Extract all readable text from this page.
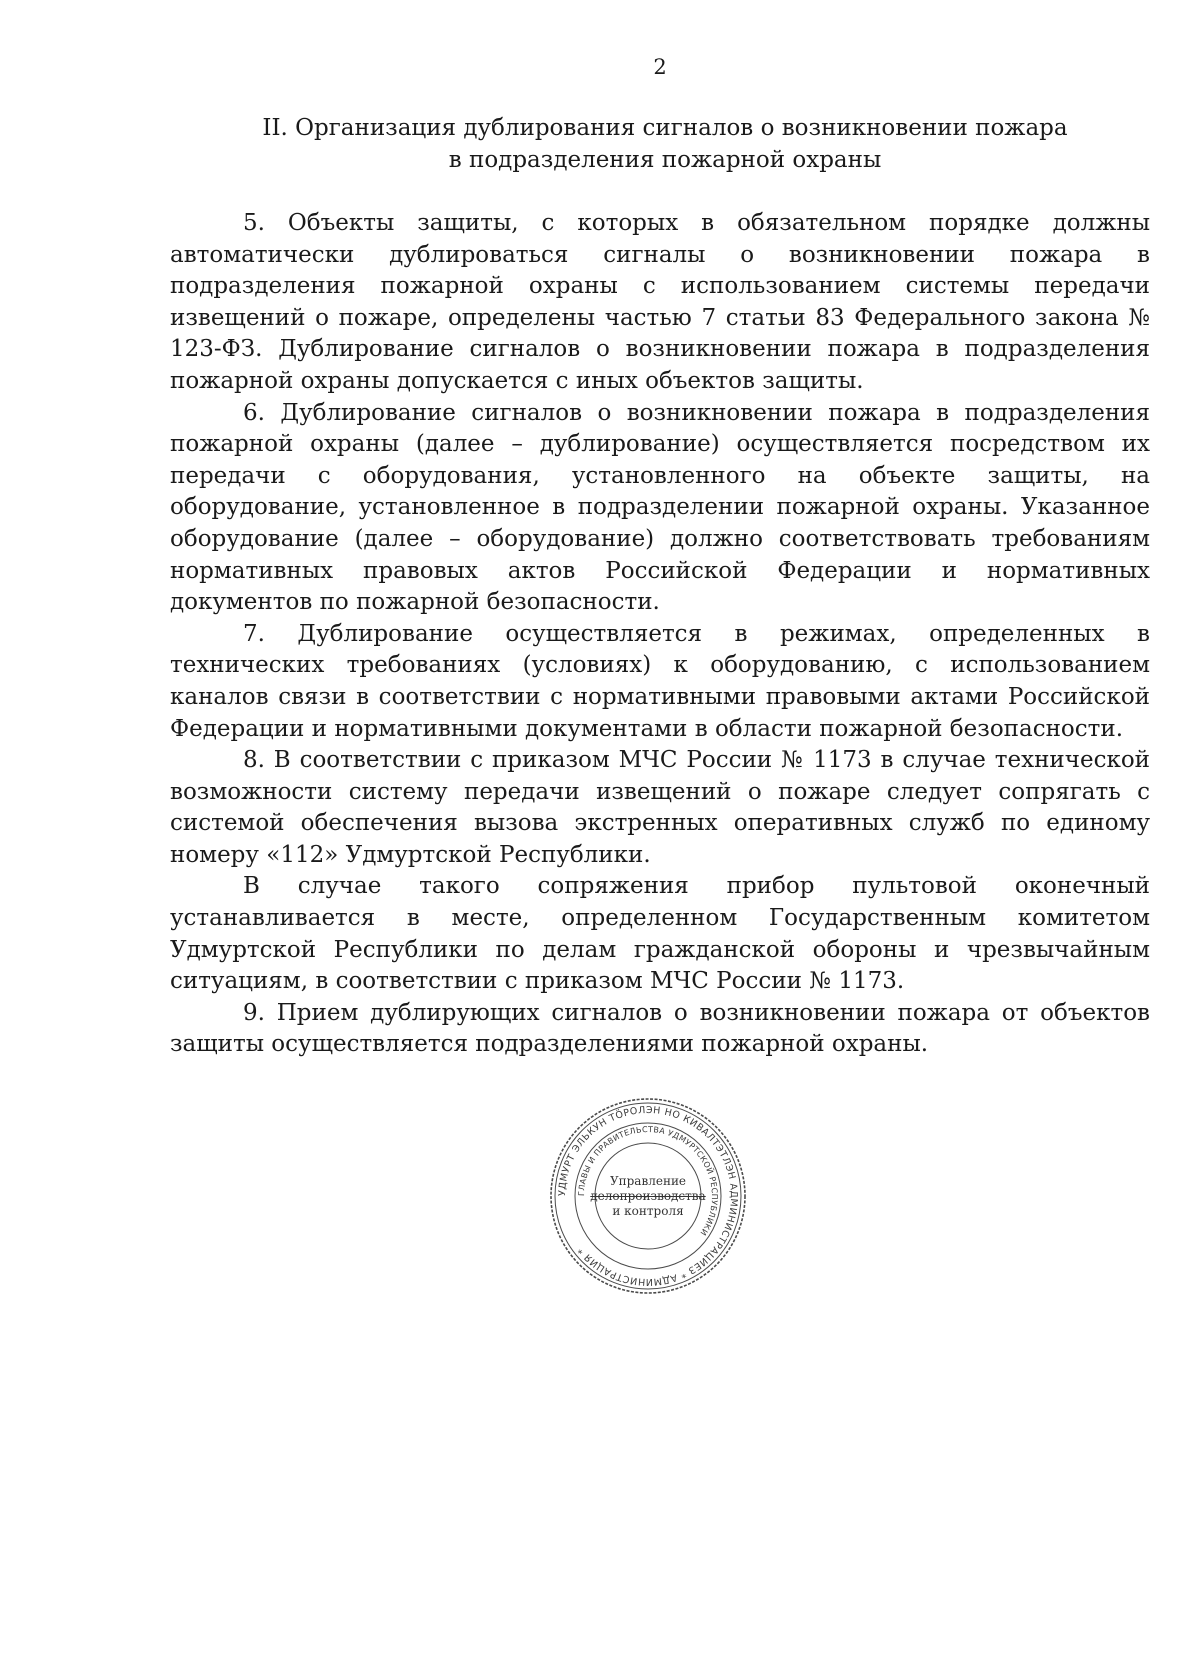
2
II. Организация дублирования сигналов о возникновении пожара
в подразделения пожарной охраны

5. Объекты защиты, с которых в обязательном порядке должны автоматически дублироваться сигналы о возникновении пожара в подразделения пожарной охраны с использованием системы передачи извещений о пожаре, определены частью 7 статьи 83 Федерального закона № 123-ФЗ. Дублирование сигналов о возникновении пожара в подразделения пожарной охраны допускается с иных объектов защиты.

6. Дублирование сигналов о возникновении пожара в подразделения пожарной охраны (далее – дублирование) осуществляется посредством их передачи с оборудования, установленного на объекте защиты, на оборудование, установленное в подразделении пожарной охраны. Указанное оборудование (далее – оборудование) должно соответствовать требованиям нормативных правовых актов Российской Федерации и нормативных документов по пожарной безопасности.

7. Дублирование осуществляется в режимах, определенных в технических требованиях (условиях) к оборудованию, с использованием каналов связи в соответствии с нормативными правовыми актами Российской Федерации и нормативными документами в области пожарной безопасности.

8. В соответствии с приказом МЧС России № 1173 в случае технической возможности систему передачи извещений о пожаре следует сопрягать с системой обеспечения вызова экстренных оперативных служб по единому номеру «112» Удмуртской Республики.

В случае такого сопряжения прибор пультовой оконечный устанавливается в месте, определенном Государственным комитетом Удмуртской Республики по делам гражданской обороны и чрезвычайным ситуациям, в соответствии с приказом МЧС России № 1173.

9. Прием дублирующих сигналов о возникновении пожара от объектов защиты осуществляется подразделениями пожарной охраны.

УДМУРТ ЭЛЬКУН ТӦРОЛЭН НО КИВАЛТЭТЛЭН АДМИНИСТРАЦИЕЗ * АДМИНИСТРАЦИЯ *
ГЛАВЫ И ПРАВИТЕЛЬСТВА УДМУРТСКОЙ РЕСПУБЛИКИ
Управление
делопроизводства
и контроля
